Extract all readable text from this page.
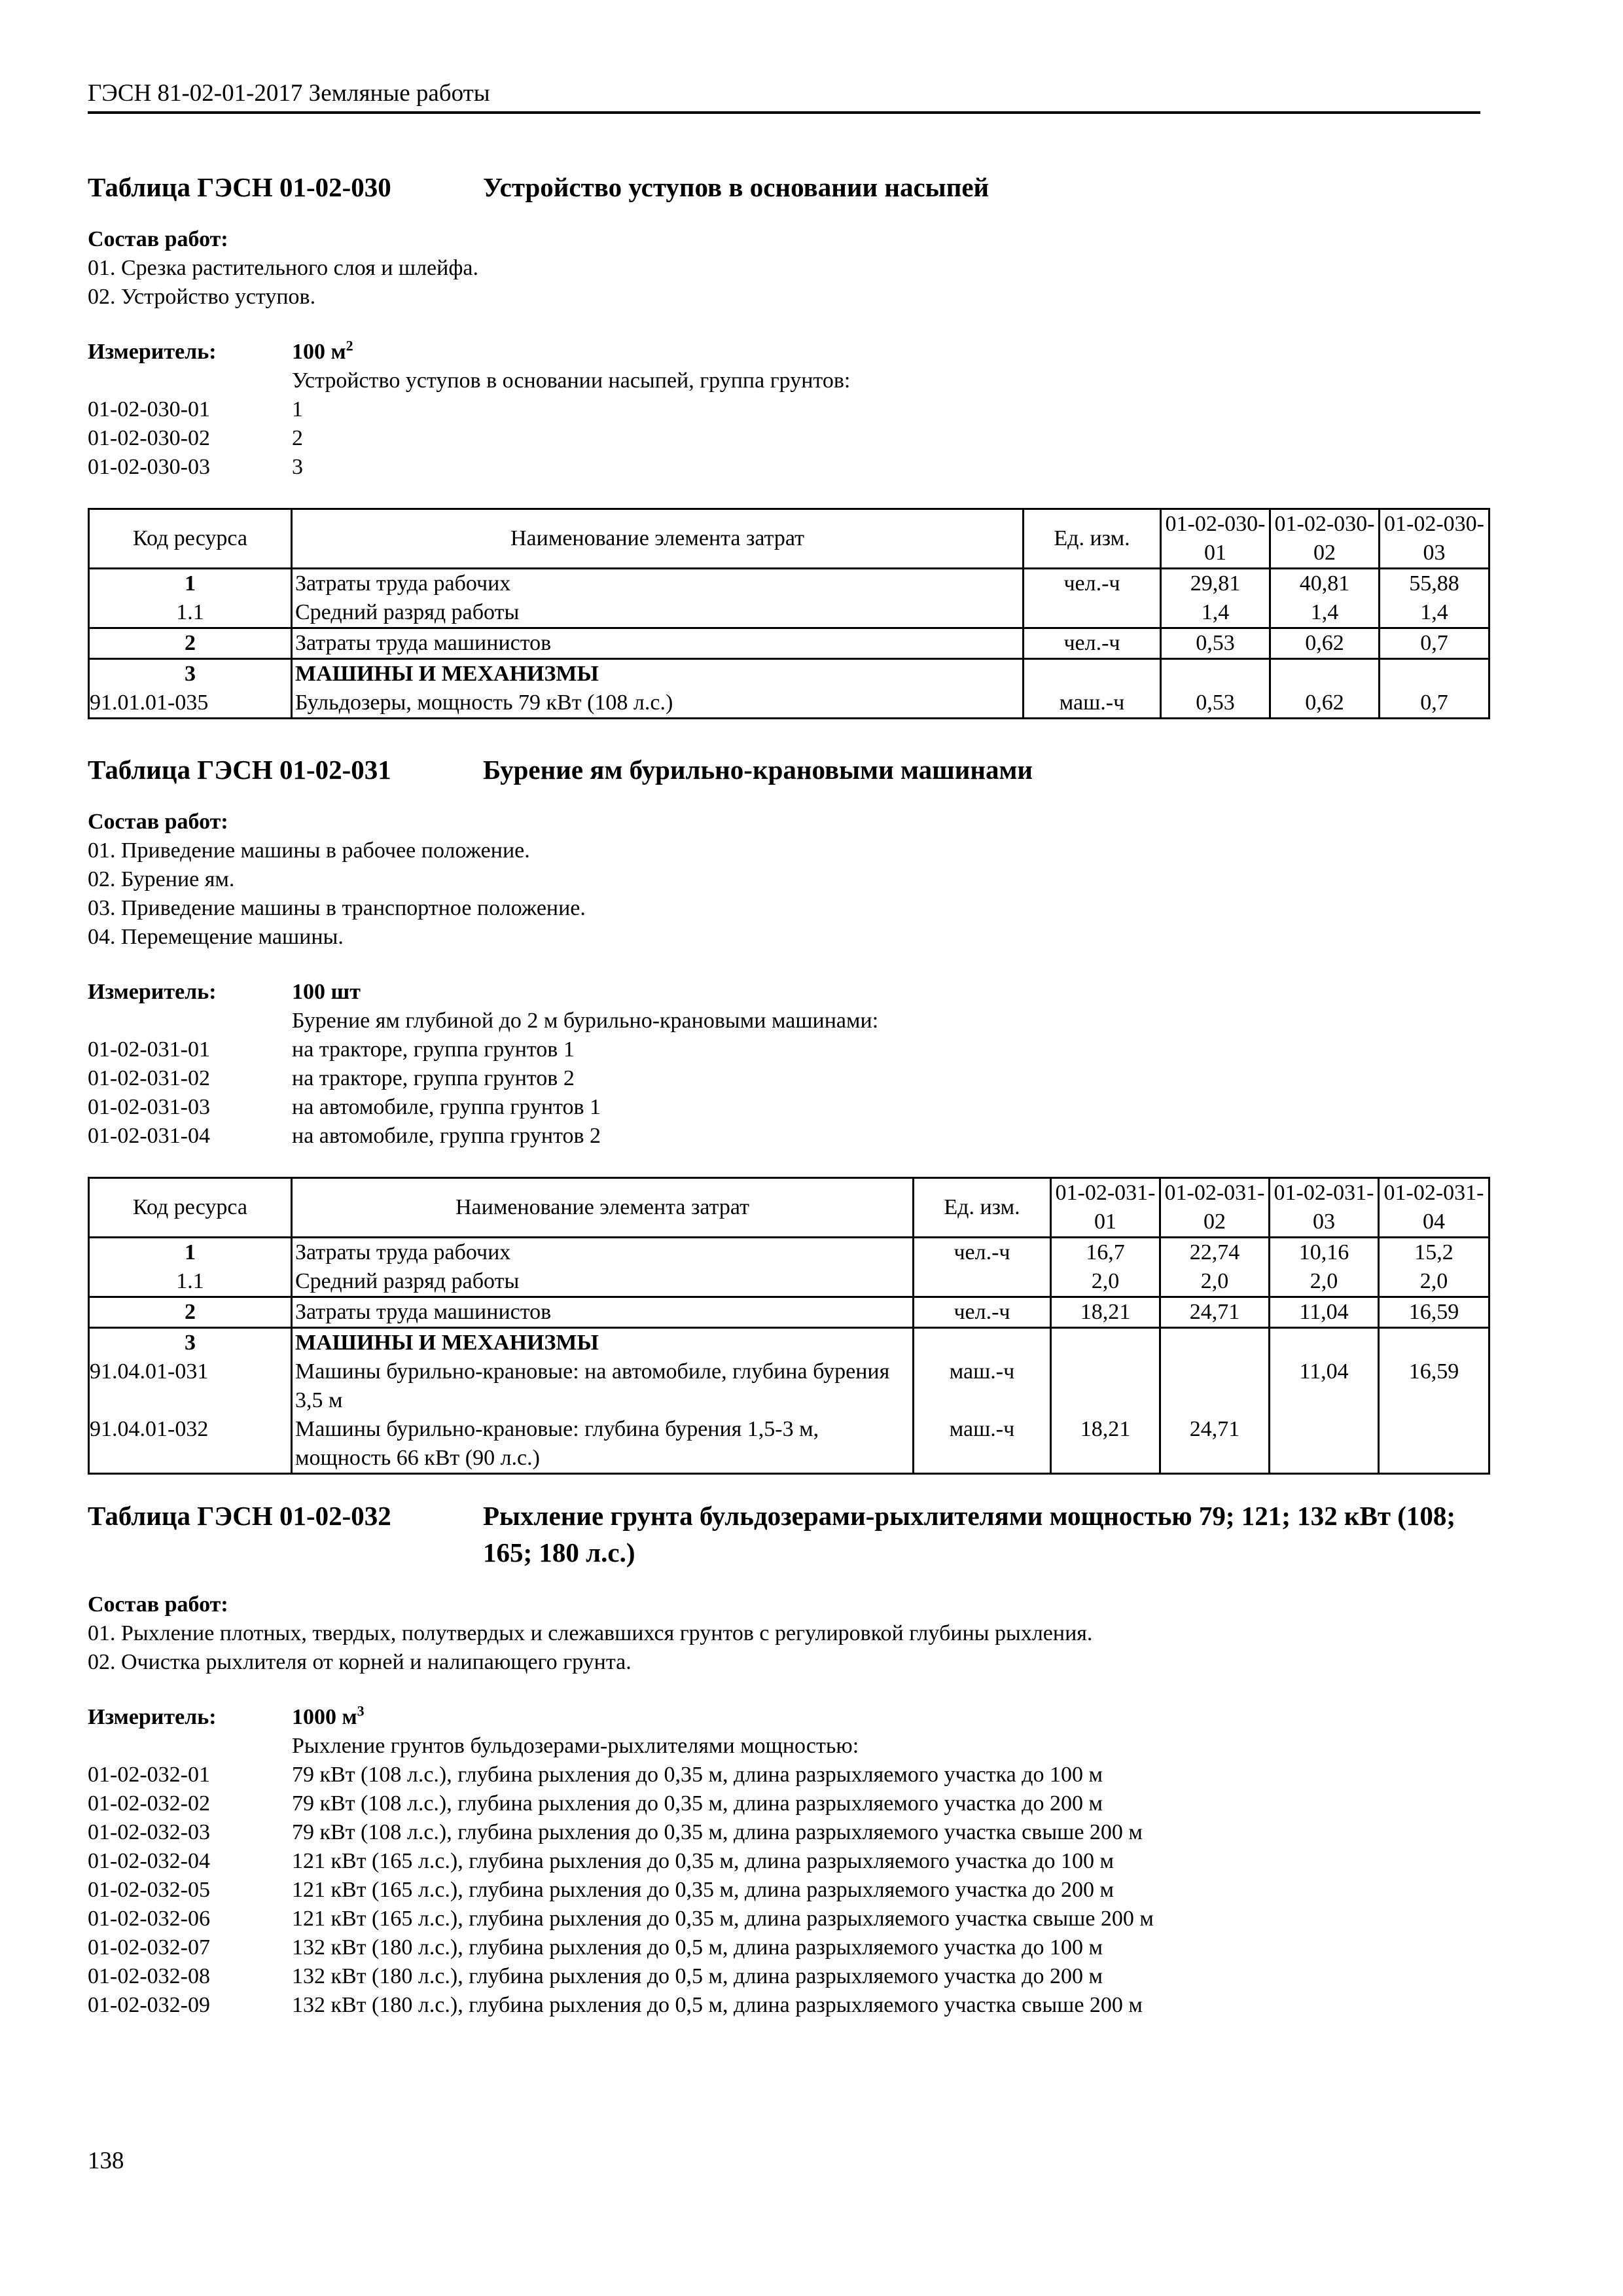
ГЭСН 81-02-01-2017 Земляные работы
Таблица ГЭСН 01-02-030	Устройство уступов в основании насыпей
Состав работ:
01. Срезка растительного слоя и шлейфа.
02. Устройство уступов.
Измеритель:	100 $м^2$
Устройство уступов в основании насыпей, группа грунтов:
01-02-030-01	1
01-02-030-02	2
01-02-030-03	3
Код ресурса	Наименование элемента затрат	Ед. изм.	01-02-030-01	01-02-030-02	01-02-030-03
1	Затраты труда рабочих	чел.-ч	29,81	40,81	55,88
1.1	Средний разряд работы		1,4	1,4	1,4
2	Затраты труда машинистов	чел.-ч	0,53	0,62	0,7
3	МАШИНЫ И МЕХАНИЗМЫ				
91.01.01-035	Бульдозеры, мощность 79 кВт (108 л.с.)	маш.-ч	0,53	0,62	0,7
Таблица ГЭСН 01-02-031	Бурение ям бурильно-крановыми машинами
Состав работ:
01. Приведение машины в рабочее положение.
02. Бурение ям.
03. Приведение машины в транспортное положение.
04. Перемещение машины.
Измеритель:	100 шт
Бурение ям глубиной до 2 м бурильно-крановыми машинами:
01-02-031-01	на тракторе, группа грунтов 1
01-02-031-02	на тракторе, группа грунтов 2
01-02-031-03	на автомобиле, группа грунтов 1
01-02-031-04	на автомобиле, группа грунтов 2
Код ресурса	Наименование элемента затрат	Ед. изм.	01-02-031-01	01-02-031-02	01-02-031-03	01-02-031-04
1	Затраты труда рабочих	чел.-ч	16,7	22,74	10,16	15,2
1.1	Средний разряд работы		2,0	2,0	2,0	2,0
2	Затраты труда машинистов	чел.-ч	18,21	24,71	11,04	16,59
3	МАШИНЫ И МЕХАНИЗМЫ					
91.04.01-031	Машины бурильно-крановые: на автомобиле, глубина бурения 3,5 м	маш.-ч			11,04	16,59
91.04.01-032	Машины бурильно-крановые: глубина бурения 1,5-3 м, мощность 66 кВт (90 л.с.)	маш.-ч	18,21	24,71		
Таблица ГЭСН 01-02-032	Рыхление грунта бульдозерами-рыхлителями мощностью 79; 121; 132 кВт (108; 165; 180 л.с.)
Состав работ:
01. Рыхление плотных, твердых, полутвердых и слежавшихся грунтов с регулировкой глубины рыхления.
02. Очистка рыхлителя от корней и налипающего грунта.
Измеритель:	1000 $м^3$
Рыхление грунтов бульдозерами-рыхлителями мощностью:
01-02-032-01	79 кВт (108 л.с.), глубина рыхления до 0,35 м, длина разрыхляемого участка до 100 м
01-02-032-02	79 кВт (108 л.с.), глубина рыхления до 0,35 м, длина разрыхляемого участка до 200 м
01-02-032-03	79 кВт (108 л.с.), глубина рыхления до 0,35 м, длина разрыхляемого участка свыше 200 м
01-02-032-04	121 кВт (165 л.с.), глубина рыхления до 0,35 м, длина разрыхляемого участка до 100 м
01-02-032-05	121 кВт (165 л.с.), глубина рыхления до 0,35 м, длина разрыхляемого участка до 200 м
01-02-032-06	121 кВт (165 л.с.), глубина рыхления до 0,35 м, длина разрыхляемого участка свыше 200 м
01-02-032-07	132 кВт (180 л.с.), глубина рыхления до 0,5 м, длина разрыхляемого участка до 100 м
01-02-032-08	132 кВт (180 л.с.), глубина рыхления до 0,5 м, длина разрыхляемого участка до 200 м
01-02-032-09	132 кВт (180 л.с.), глубина рыхления до 0,5 м, длина разрыхляемого участка свыше 200 м
138
